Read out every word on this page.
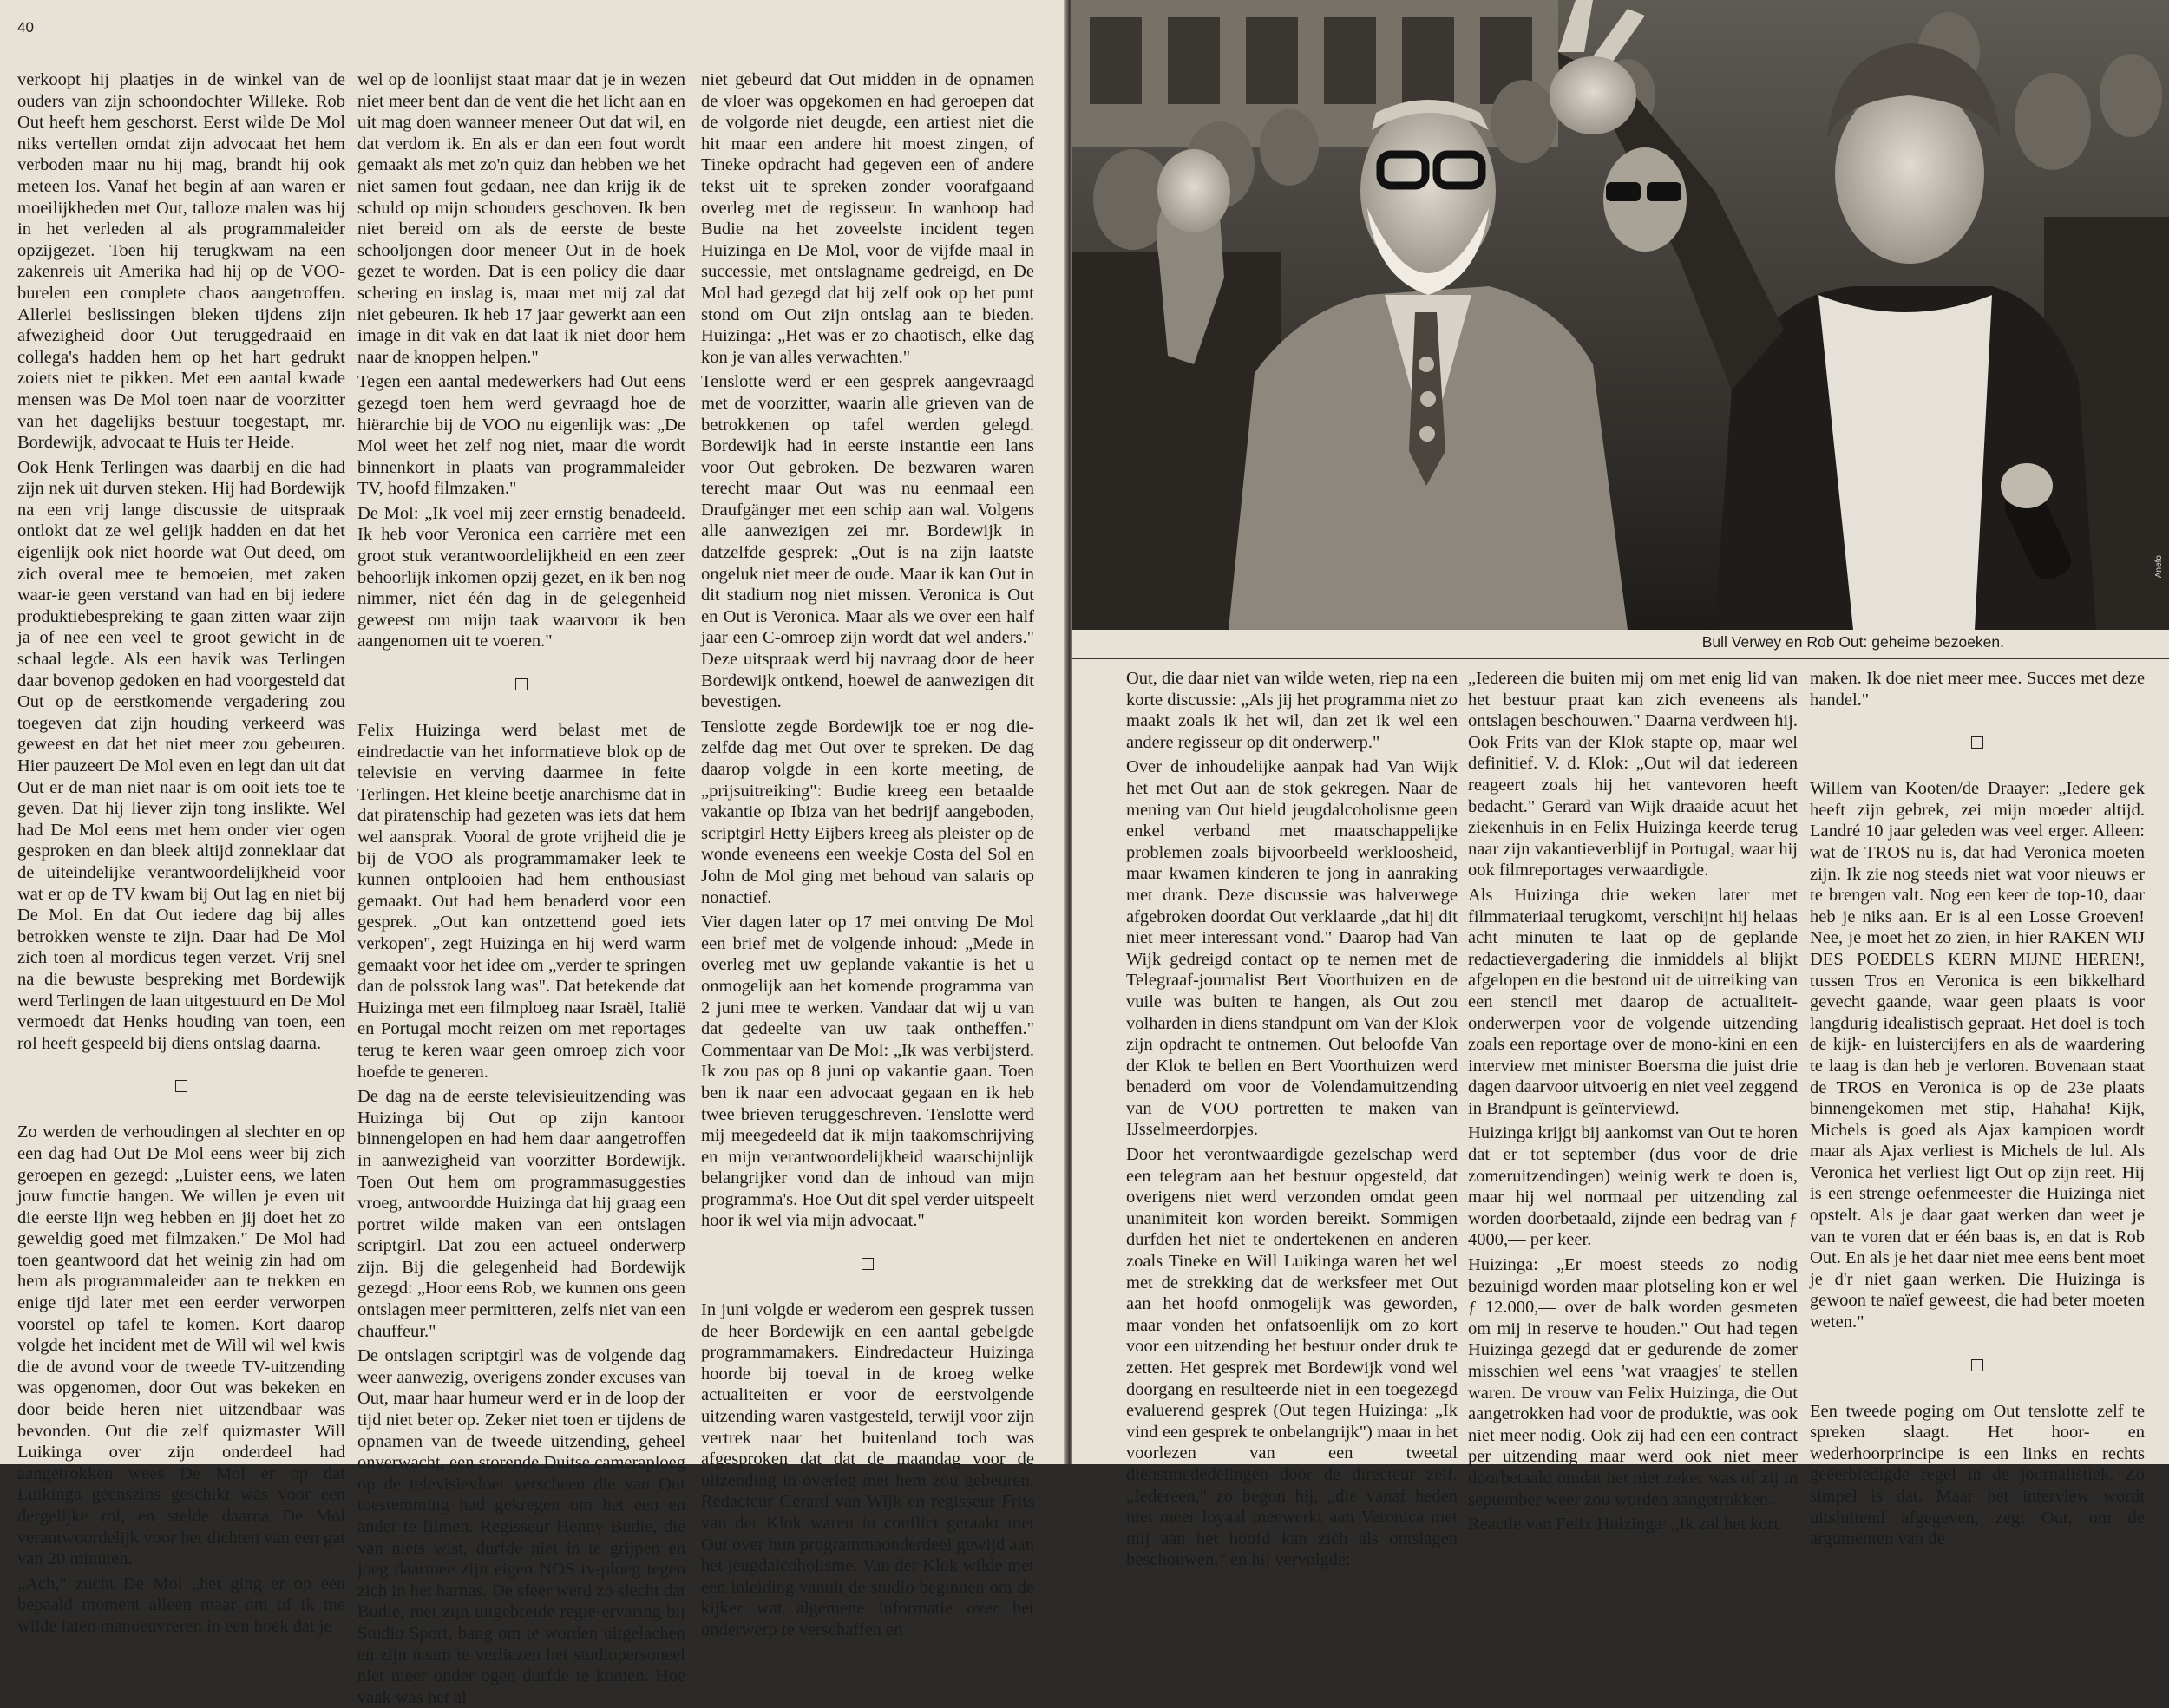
40

verkoopt hij plaatjes in de winkel van de ouders van zijn schoondochter Willeke. Rob Out heeft hem geschorst. Eerst wilde De Mol niks vertellen omdat zijn advocaat het hem verboden maar nu hij mag, brandt hij ook meteen los. Vanaf het begin af aan waren er moeilijkheden met Out, talloze malen was hij in het verleden al als programmaleider opzijgezet. Toen hij terugkwam na een zakenreis uit Amerika had hij op de VOO-burelen een complete chaos aangetroffen. Allerlei beslissingen bleken tijdens zijn afwezigheid door Out teruggedraaid en collega's hadden hem op het hart gedrukt zoiets niet te pikken. Met een aantal kwade mensen was De Mol toen naar de voorzitter van het dagelijks bestuur toegestapt, mr. Bordewijk, advocaat te Huis ter Heide.

Ook Henk Terlingen was daarbij en die had zijn nek uit durven steken. Hij had Bordewijk na een vrij lange discussie de uitspraak ontlokt dat ze wel gelijk hadden en dat het eigenlijk ook niet hoorde wat Out deed, om zich overal mee te bemoeien, met zaken waar-ie geen verstand van had en bij iedere produktiebespreking te gaan zitten waar zijn ja of nee een veel te groot gewicht in de schaal legde. Als een havik was Terlingen daar bovenop gedoken en had voorgesteld dat Out op de eerstkomende vergadering zou toegeven dat zijn houding verkeerd was geweest en dat het niet meer zou gebeuren. Hier pauzeert De Mol even en legt dan uit dat Out er de man niet naar is om ooit iets toe te geven. Dat hij liever zijn tong inslikte. Wel had De Mol eens met hem onder vier ogen gesproken en dan bleek altijd zonneklaar dat de uiteindelijke verantwoordelijkheid voor wat er op de TV kwam bij Out lag en niet bij De Mol. En dat Out iedere dag bij alles betrokken wenste te zijn. Daar had De Mol zich toen al mordicus tegen verzet. Vrij snel na die bewuste bespreking met Bordewijk werd Terlingen de laan uitgestuurd en De Mol vermoedt dat Henks houding van toen, een rol heeft gespeeld bij diens ontslag daarna.

Zo werden de verhoudingen al slechter en op een dag had Out De Mol eens weer bij zich geroepen en gezegd: „Luister eens, we laten jouw functie hangen. We willen je even uit die eerste lijn weg hebben en jij doet het zo geweldig goed met filmzaken." De Mol had toen geantwoord dat het weinig zin had om hem als programmaleider aan te trekken en enige tijd later met een eerder verworpen voorstel op tafel te komen. Kort daarop volgde het incident met de Will wil wel kwis die de avond voor de tweede TV-uitzending was opgenomen, door Out was bekeken en door beide heren niet uitzendbaar was bevonden. Out die zelf quizmaster Will Luikinga over zijn onderdeel had aangetrokken wees De Mol er op dat Luikinga geenszins geschikt was voor een dergelijke rol, en stelde daarna De Mol verantwoordelijk voor het dichten van een gat van 20 minuten.

„Ach," zucht De Mol „het ging er op een bepaald moment alleen maar om of ik me wilde laten manoeuvreren in een hoek dat je

wel op de loonlijst staat maar dat je in wezen niet meer bent dan de vent die het licht aan en uit mag doen wanneer meneer Out dat wil, en dat verdom ik. En als er dan een fout wordt gemaakt als met zo'n quiz dan hebben we het niet samen fout gedaan, nee dan krijg ik de schuld op mijn schouders geschoven. Ik ben niet bereid om als de eerste de beste schooljongen door meneer Out in de hoek gezet te worden. Dat is een policy die daar schering en inslag is, maar met mij zal dat niet gebeuren. Ik heb 17 jaar gewerkt aan een image in dit vak en dat laat ik niet door hem naar de knoppen helpen."

Tegen een aantal medewerkers had Out eens gezegd toen hem werd gevraagd hoe de hiërarchie bij de VOO nu eigenlijk was: „De Mol weet het zelf nog niet, maar die wordt binnenkort in plaats van programmaleider TV, hoofd filmzaken."

De Mol: „Ik voel mij zeer ernstig benadeeld. Ik heb voor Veronica een carrière met een groot stuk verantwoordelijkheid en een zeer behoorlijk inkomen opzij gezet, en ik ben nog nimmer, niet één dag in de gelegenheid geweest om mijn taak waarvoor ik ben aangenomen uit te voeren."

Felix Huizinga werd belast met de eindredactie van het informatieve blok op de televisie en verving daarmee in feite Terlingen. Het kleine beetje anarchisme dat in dat piratenschip had gezeten was iets dat hem wel aansprak. Vooral de grote vrijheid die je bij de VOO als programmamaker leek te kunnen ontplooien had hem enthousiast gemaakt. Out had hem benaderd voor een gesprek. „Out kan ontzettend goed iets verkopen", zegt Huizinga en hij werd warm gemaakt voor het idee om „verder te springen dan de polsstok lang was". Dat betekende dat Huizinga met een filmploeg naar Israël, Italië en Portugal mocht reizen om met reportages terug te keren waar geen omroep zich voor hoefde te generen.

De dag na de eerste televisieuitzending was Huizinga bij Out op zijn kantoor binnengelopen en had hem daar aangetroffen in aanwezigheid van voorzitter Bordewijk. Toen Out hem om programmasuggesties vroeg, antwoordde Huizinga dat hij graag een portret wilde maken van een ontslagen scriptgirl. Dat zou een actueel onderwerp zijn. Bij die gelegenheid had Bordewijk gezegd: „Hoor eens Rob, we kunnen ons geen ontslagen meer permitteren, zelfs niet van een chauffeur."

De ontslagen scriptgirl was de volgende dag weer aanwezig, overigens zonder excuses van Out, maar haar humeur werd er in de loop der tijd niet beter op. Zeker niet toen er tijdens de opnamen van de tweede uitzending, geheel onverwacht, een storende Duitse cameraploeg op de televisievloer verscheen die van Out toestemming had gekregen om het een en ander te filmen. Regisseur Henny Budie, die van niets wist, durfde niet in te grijpen en joeg daarmee zijn eigen NOS tv-ploeg tegen zich in het harnas. De sfeer werd zo slecht dat Budie, met zijn uitgebreide regie-ervaring bij Studio Sport, bang om te worden uitgelachen en zijn naam te verliezen het studiopersoneel niet meer onder ogen durfde te komen. Hoe vaak was het al

niet gebeurd dat Out midden in de opnamen de vloer was opgekomen en had geroepen dat de volgorde niet deugde, een artiest niet die hit maar een andere hit moest zingen, of Tineke opdracht had gegeven een of andere tekst uit te spreken zonder voorafgaand overleg met de regisseur. In wanhoop had Budie na het zoveelste incident tegen Huizinga en De Mol, voor de vijfde maal in successie, met ontslagname gedreigd, en De Mol had gezegd dat hij zelf ook op het punt stond om Out zijn ontslag aan te bieden. Huizinga: „Het was er zo chaotisch, elke dag kon je van alles verwachten."

Tenslotte werd er een gesprek aangevraagd met de voorzitter, waarin alle grieven van de betrokkenen op tafel werden gelegd. Bordewijk had in eerste instantie een lans voor Out gebroken. De bezwaren waren terecht maar Out was nu eenmaal een Draufgänger met een schip aan wal. Volgens alle aanwezigen zei mr. Bordewijk in datzelfde gesprek: „Out is na zijn laatste ongeluk niet meer de oude. Maar ik kan Out in dit stadium nog niet missen. Veronica is Out en Out is Veronica. Maar als we over een half jaar een C-omroep zijn wordt dat wel anders." Deze uitspraak werd bij navraag door de heer Bordewijk ontkend, hoewel de aanwezigen dit bevestigen.

Tenslotte zegde Bordewijk toe er nog die-zelfde dag met Out over te spreken. De dag daarop volgde in een korte meeting, de „prijsuitreiking": Budie kreeg een betaalde vakantie op Ibiza van het bedrijf aangeboden, scriptgirl Hetty Eijbers kreeg als pleister op de wonde eveneens een weekje Costa del Sol en John de Mol ging met behoud van salaris op nonactief.

Vier dagen later op 17 mei ontving De Mol een brief met de volgende inhoud: „Mede in overleg met uw geplande vakantie is het u onmogelijk aan het komende programma van 2 juni mee te werken. Vandaar dat wij u van dat gedeelte van uw taak ontheffen." Commentaar van De Mol: „Ik was verbijsterd. Ik zou pas op 8 juni op vakantie gaan. Toen ben ik naar een advocaat gegaan en ik heb twee brieven teruggeschreven. Tenslotte werd mij meegedeeld dat ik mijn taakomschrijving en mijn verantwoordelijkheid waarschijnlijk belangrijker vond dan de inhoud van mijn programma's. Hoe Out dit spel verder uitspeelt hoor ik wel via mijn advocaat."

In juni volgde er wederom een gesprek tussen de heer Bordewijk en een aantal gebelgde programmamakers. Eindredacteur Huizinga hoorde bij toeval in de kroeg welke actualiteiten er voor de eerstvolgende uitzending waren vastgesteld, terwijl voor zijn vertrek naar het buitenland toch was afgesproken dat dat de maandag voor de uitzending in overleg met hem zou gebeuren. Redacteur Gerard van Wijk en regisseur Frits van der Klok waren in conflict geraakt met Out over hun programmaonderdeel gewijd aan het jeugdalcoholisme. Van der Klok wilde met een inleiding vanuit de studio beginnen om de kijker wat algemene informatie over het onderwerp te verschaffen en

Anefo
Bull Verwey en Rob Out: geheime bezoeken.

Out, die daar niet van wilde weten, riep na een korte discussie: „Als jij het programma niet zo maakt zoals ik het wil, dan zet ik wel een andere regisseur op dit onderwerp."

Over de inhoudelijke aanpak had Van Wijk het met Out aan de stok gekregen. Naar de mening van Out hield jeugdalcoholisme geen enkel verband met maatschappelijke problemen zoals bijvoorbeeld werkloosheid, maar kwamen kinderen te jong in aanraking met drank. Deze discussie was halverwege afgebroken doordat Out verklaarde „dat hij dit niet meer interessant vond." Daarop had Van Wijk gedreigd contact op te nemen met de Telegraaf-journalist Bert Voorthuizen en de vuile was buiten te hangen, als Out zou volharden in diens standpunt om Van der Klok zijn opdracht te ontnemen. Out beloofde Van der Klok te bellen en Bert Voorthuizen werd benaderd om voor de Volendamuitzending van de VOO portretten te maken van IJsselmeerdorpjes.

Door het verontwaardigde gezelschap werd een telegram aan het bestuur opgesteld, dat overigens niet werd verzonden omdat geen unanimiteit kon worden bereikt. Sommigen durfden het niet te ondertekenen en anderen zoals Tineke en Will Luikinga waren het wel met de strekking dat de werksfeer met Out aan het hoofd onmogelijk was geworden, maar vonden het onfatsoenlijk om zo kort voor een uitzending het bestuur onder druk te zetten. Het gesprek met Bordewijk vond wel doorgang en resulteerde niet in een toegezegd evaluerend gesprek (Out tegen Huizinga: „Ik vind een gesprek te onbelangrijk") maar in het voorlezen van een tweetal dienstmededelingen door de directeur zelf. „Iedereen," zo begon hij, „die vanaf heden niet meer loyaal meewerkt aan Veronica met mij aan het hoofd kan zich als ontslagen beschouwen," en hij vervolgde:

„Iedereen die buiten mij om met enig lid van het bestuur praat kan zich eveneens als ontslagen beschouwen." Daarna verdween hij. Ook Frits van der Klok stapte op, maar wel definitief. V. d. Klok: „Out wil dat iedereen reageert zoals hij het vantevoren heeft bedacht." Gerard van Wijk draaide acuut het ziekenhuis in en Felix Huizinga keerde terug naar zijn vakantieverblijf in Portugal, waar hij ook filmreportages verwaardigde.

Als Huizinga drie weken later met filmmateriaal terugkomt, verschijnt hij helaas acht minuten te laat op de geplande redactievergadering die inmiddels al blijkt afgelopen en die bestond uit de uitreiking van een stencil met daarop de actualiteit-onderwerpen voor de volgende uitzending zoals een reportage over de mono-kini en een interview met minister Boersma die juist drie dagen daarvoor uitvoerig en niet veel zeggend in Brandpunt is geïnterviewd.

Huizinga krijgt bij aankomst van Out te horen dat er tot september (dus voor de drie zomeruitzendingen) weinig werk te doen is, maar hij wel normaal per uitzending zal worden doorbetaald, zijnde een bedrag van ƒ 4000,— per keer.

Huizinga: „Er moest steeds zo nodig bezuinigd worden maar plotseling kon er wel ƒ 12.000,— over de balk worden gesmeten om mij in reserve te houden." Out had tegen Huizinga gezegd dat er gedurende de zomer misschien wel eens 'wat vraagjes' te stellen waren. De vrouw van Felix Huizinga, die Out aangetrokken had voor de produktie, was ook niet meer nodig. Ook zij had een een contract per uitzending maar werd ook niet meer doorbetaald omdat het niet zeker was of zij in september weer zou worden aangetrokken.

Reactie van Felix Huizinga: „Ik zal het kort

maken. Ik doe niet meer mee. Succes met deze handel."

Willem van Kooten/de Draayer: „Iedere gek heeft zijn gebrek, zei mijn moeder altijd. Landré 10 jaar geleden was veel erger. Alleen: wat de TROS nu is, dat had Veronica moeten zijn. Ik zie nog steeds niet wat voor nieuws er te brengen valt. Nog een keer de top-10, daar heb je niks aan. Er is al een Losse Groeven! Nee, je moet het zo zien, in hier RAKEN WIJ DES POEDELS KERN MIJNE HEREN!, tussen Tros en Veronica is een bikkelhard gevecht gaande, waar geen plaats is voor langdurig idealistisch gepraat. Het doel is toch de kijk- en luistercijfers en als de waardering te laag is dan heb je verloren. Bovenaan staat de TROS en Veronica is op de 23e plaats binnengekomen met stip, Hahaha! Kijk, Michels is goed als Ajax kampioen wordt maar als Ajax verliest is Michels de lul. Als Veronica het verliest ligt Out op zijn reet. Hij is een strenge oefenmeester die Huizinga niet opstelt. Als je daar gaat werken dan weet je van te voren dat er één baas is, en dat is Rob Out. En als je het daar niet mee eens bent moet je d'r niet gaan werken. Die Huizinga is gewoon te naïef geweest, die had beter moeten weten."

Een tweede poging om Out tenslotte zelf te spreken slaagt. Het hoor- en wederhoorprincipe is een links en rechts geëerbiedigde regel in de journalistiek. Zo simpel is dat. Maar het interview wordt uitsluitend afgegeven, zegt Out, om de argumenten van de
